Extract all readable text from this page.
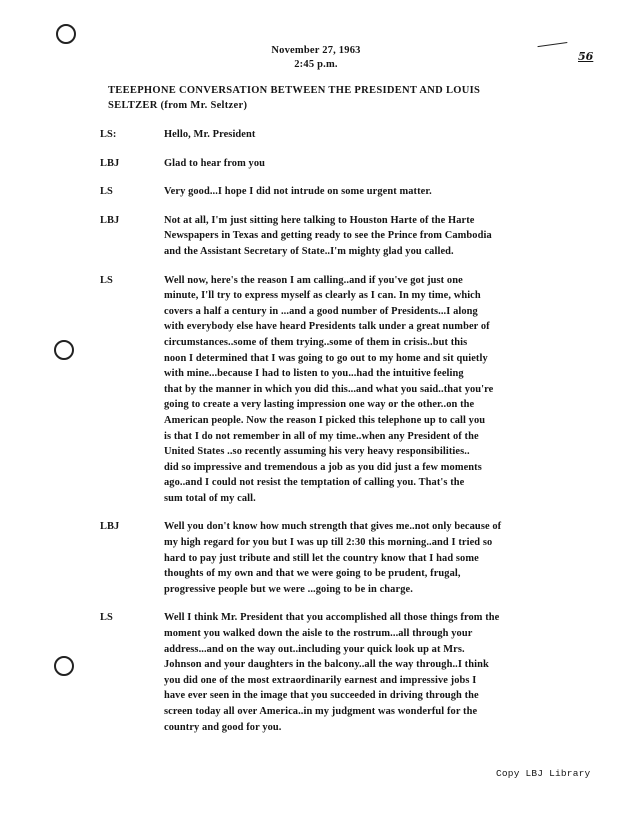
November 27, 1963
2:45 p.m.
56
TEEEPHONE CONVERSATION BETWEEN THE PRESIDENT AND LOUIS
SELTZER (from Mr. Seltzer)
LS:	Hello, Mr. President
LBJ	Glad to hear from you
LS	Very good...I hope I did not intrude on some urgent matter.
LBJ	Not at all, I'm just sitting here talking to Houston Harte of the Harte
Newspapers in Texas and getting ready to see the Prince from Cambodia
and the Assistant Secretary of State..I'm mighty glad you called.
LS	Well now, here's the reason I am calling..and if you've got just one
minute, I'll try to express myself as clearly as I can. In my time, which
covers a half a century in ...and a good number of Presidents...I along
with everybody else have heard Presidents talk under a great number of
circumstances..some of them trying..some of them in crisis..but this
noon I determined that I was going to go out to my home and sit quietly
with mine...because I had to listen to you...had the intuitive feeling
that by the manner in which you did this...and what you said..that you're
going to create a very lasting impression one way or the other..on the
American people. Now the reason I picked this telephone up to call you
is that I do not remember in all of my time..when any President of the
United States ..so recently assuming his very heavy responsibilities..
did so impressive and tremendous a job as you did just a few moments
ago..and I could not resist the temptation of calling you. That's the
sum total of my call.
LBJ	Well you don't know how much strength that gives me..not only because of
my high regard for you but I was up till 2:30 this morning..and I tried so
hard to pay just tribute and still let the country know that I had some
thoughts of my own and that we were going to be prudent, frugal,
progressive people but we were ...going to be in charge.
LS	Well I think Mr. President that you accomplished all those things from the
moment you walked down the aisle to the rostrum...all through your
address...and on the way out..including your quick look up at Mrs.
Johnson and your daughters in the balcony..all the way through..I think
you did one of the most extraordinarily earnest and impressive jobs I
have ever seen in the image that you succeeded in driving through the
screen today all over America..in my judgment was wonderful for the
country and good for you.
Copy LBJ Library
